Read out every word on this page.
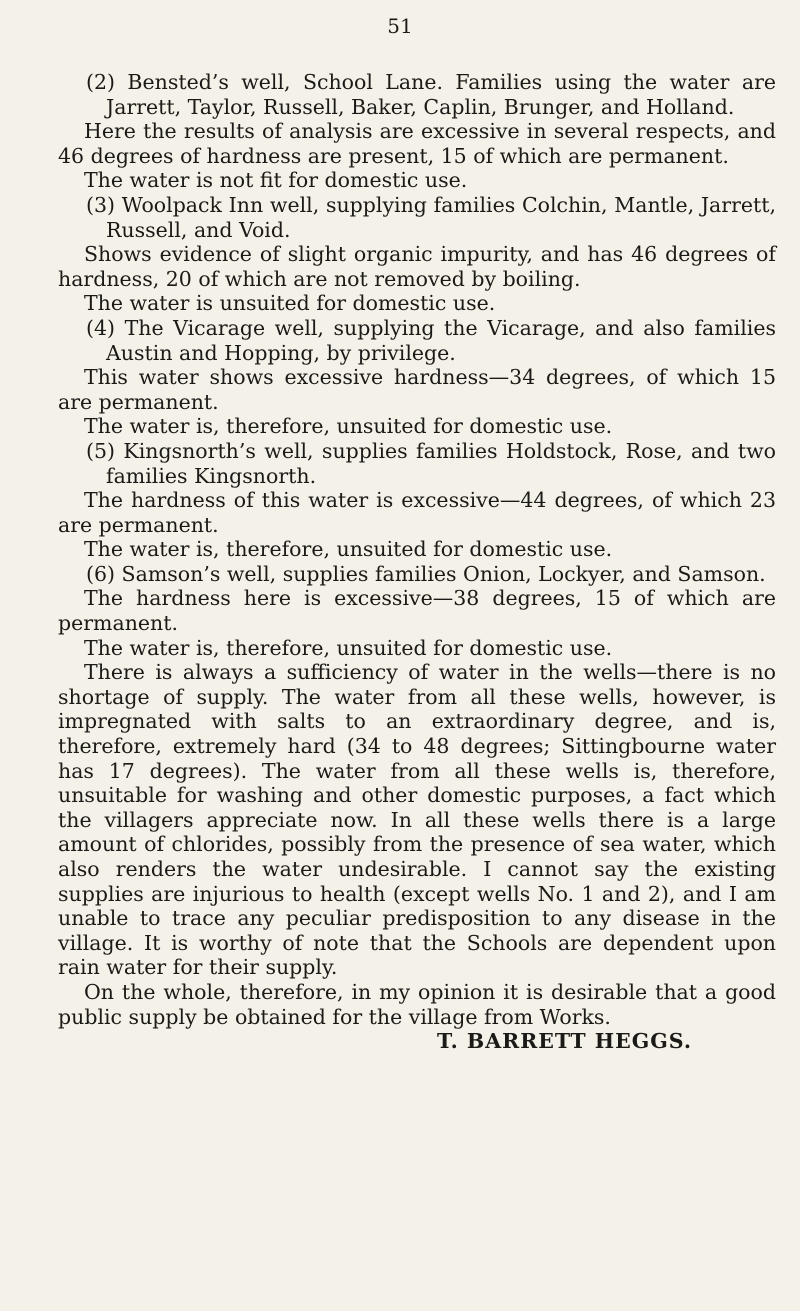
51

(2) Bensted’s well, School Lane. Families using the water are Jarrett, Taylor, Russell, Baker, Caplin, Brunger, and Holland.

Here the results of analysis are excessive in several respects, and 46 degrees of hardness are present, 15 of which are permanent.

The water is not fit for domestic use.

(3) Woolpack Inn well, supplying families Colchin, Mantle, Jarrett, Russell, and Void.

Shows evidence of slight organic impurity, and has 46 degrees of hardness, 20 of which are not removed by boiling.

The water is unsuited for domestic use.

(4) The Vicarage well, supplying the Vicarage, and also families Austin and Hopping, by privilege.

This water shows excessive hardness—34 degrees, of which 15 are permanent.

The water is, therefore, unsuited for domestic use.

(5) Kingsnorth’s well, supplies families Holdstock, Rose, and two families Kingsnorth.

The hardness of this water is excessive—44 degrees, of which 23 are permanent.

The water is, therefore, unsuited for domestic use.

(6) Samson’s well, supplies families Onion, Lockyer, and Samson.

The hardness here is excessive—38 degrees, 15 of which are permanent.

The water is, therefore, unsuited for domestic use.

There is always a sufficiency of water in the wells—there is no shortage of supply. The water from all these wells, however, is impregnated with salts to an extraordinary degree, and is, therefore, extremely hard (34 to 48 degrees; Sittingbourne water has 17 degrees). The water from all these wells is, therefore, unsuitable for washing and other domestic purposes, a fact which the villagers appreciate now. In all these wells there is a large amount of chlorides, possibly from the presence of sea water, which also renders the water undesirable. I cannot say the existing supplies are injurious to health (except wells No. 1 and 2), and I am unable to trace any peculiar predisposition to any disease in the village. It is worthy of note that the Schools are dependent upon rain water for their supply.

On the whole, therefore, in my opinion it is desirable that a good public supply be obtained for the village from Works.

T. BARRETT HEGGS.
